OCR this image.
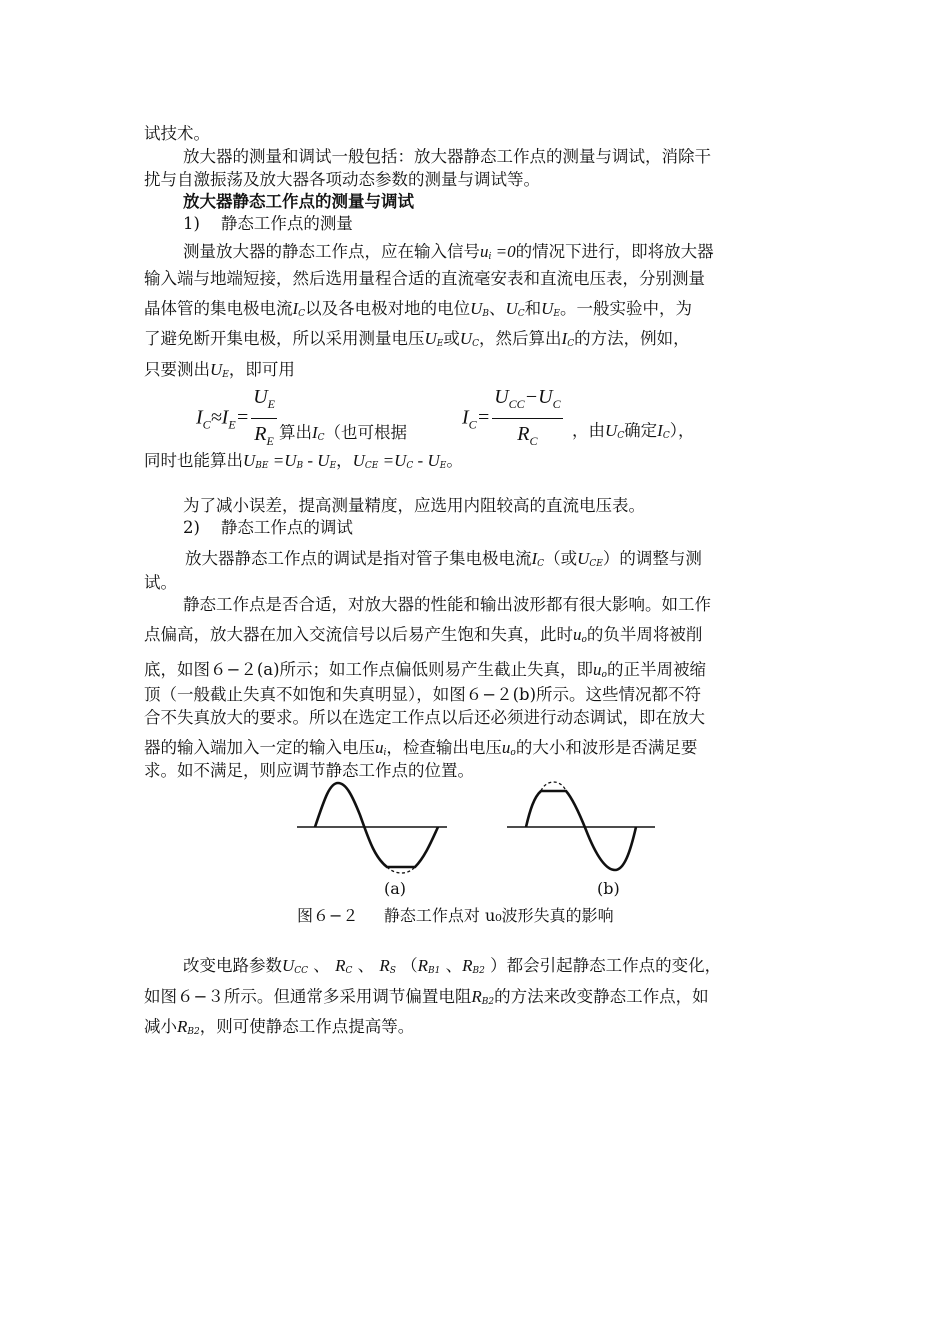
试技术。
放大器的测量和调试一般包括：放大器静态工作点的测量与调试，消除干
扰与自激振荡及放大器各项动态参数的测量与调试等。
放大器静态工作点的测量与调试
1) 静态工作点的测量
测量放大器的静态工作点，应在输入信号$u_i =0$的情况下进行，即将放大器
输入端与地端短接，然后选用量程合适的直流毫安表和直流电压表，分别测量
晶体管的集电极电流$I_C$以及各电极对地的电位$U_B$、$U_C$和$U_E$。一般实验中，为
了避免断开集电极，所以采用测量电压$U_E$或$U_C$，然后算出$I_C$的方法，例如，
只要测出$U_E$，即可用
$I_C\approx I_E= \frac{U_E}{R_E}$ 算出$I_C$（也可根据
$I_C= \frac{U_{CC}-U_C}{R_C}$ ，由$U_C$确定$I_C$），
同时也能算出$U_{BE} =U_B - U_E$，$U_{CE} =U_C - U_E$。
为了减小误差，提高测量精度，应选用内阻较高的直流电压表。
2) 静态工作点的调试
放大器静态工作点的调试是指对管子集电极电流$I_C$（或$U_{CE}$）的调整与测
试。
静态工作点是否合适，对放大器的性能和输出波形都有很大影响。如工作
点偏高，放大器在加入交流信号以后易产生饱和失真，此时$u_o$的负半周将被削
底，如图６−２(a)所示；如工作点偏低则易产生截止失真，即$u_o$的正半周被缩
顶（一般截止失真不如饱和失真明显），如图６−２(b)所示。这些情况都不符
合不失真放大的要求。所以在选定工作点以后还必须进行动态调试，即在放大
器的输入端加入一定的输入电压$u_i$，检查输出电压$u_o$的大小和波形是否满足要
求。如不满足，则应调节静态工作点的位置。
(a)	(b)
图６−２ 静态工作点对 u₀波形失真的影响
改变电路参数$U_{CC}$ 、 $R_C$ 、 $R_S$ （$R_{B1}$ 、$R_{B2}$ ）都会引起静态工作点的变化，
如图６−３所示。但通常多采用调节偏置电阻$R_{B2}$的方法来改变静态工作点，如
减小$R_{B2}$，则可使静态工作点提高等。
